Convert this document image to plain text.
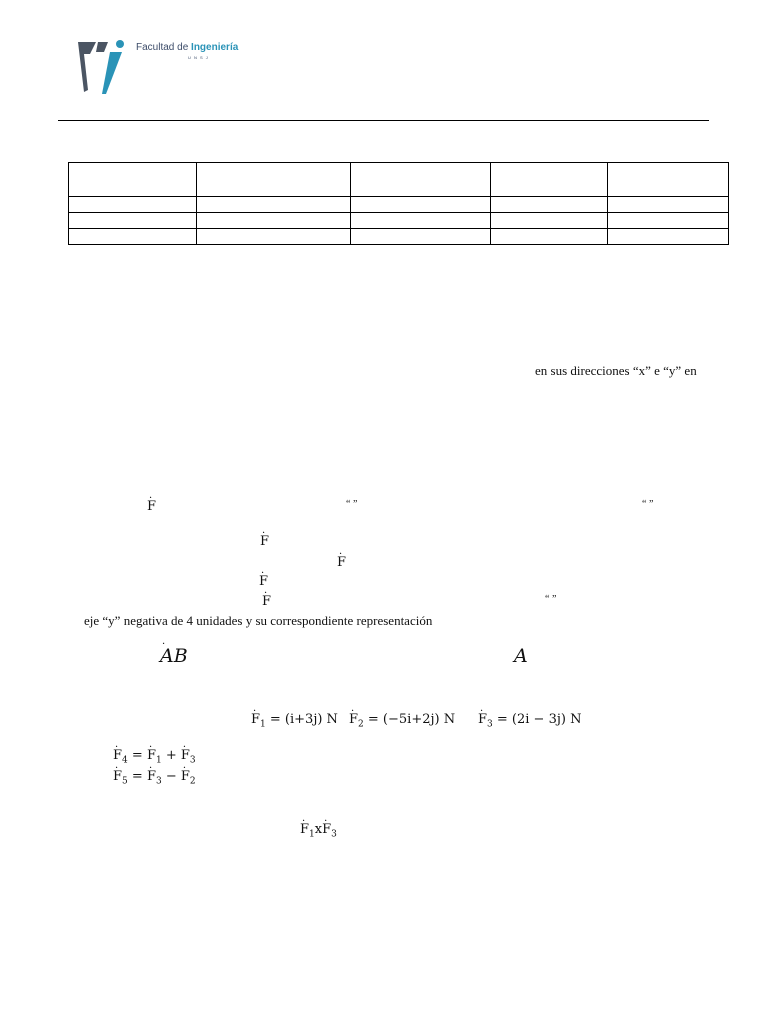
Facultad de Ingeniería
U N S J

en sus direcciones “x” e “y” en
· F	“ ”	“ ”
· F
· F
· F
· F	“ ”
eje “y” negativa de 4 unidades y su correspondiente representación
· AB	A
· $F_1 = (i+3j)$ N
· $F_2 = (-5i+2j)$ N
· $F_3 = (2i - 3j)$ N
· $F_4$ = · $F_1$ + · $F_3$
· $F_5$ = · $F_3$ − · $F_2$
· $F_1x\cdot F_3$
